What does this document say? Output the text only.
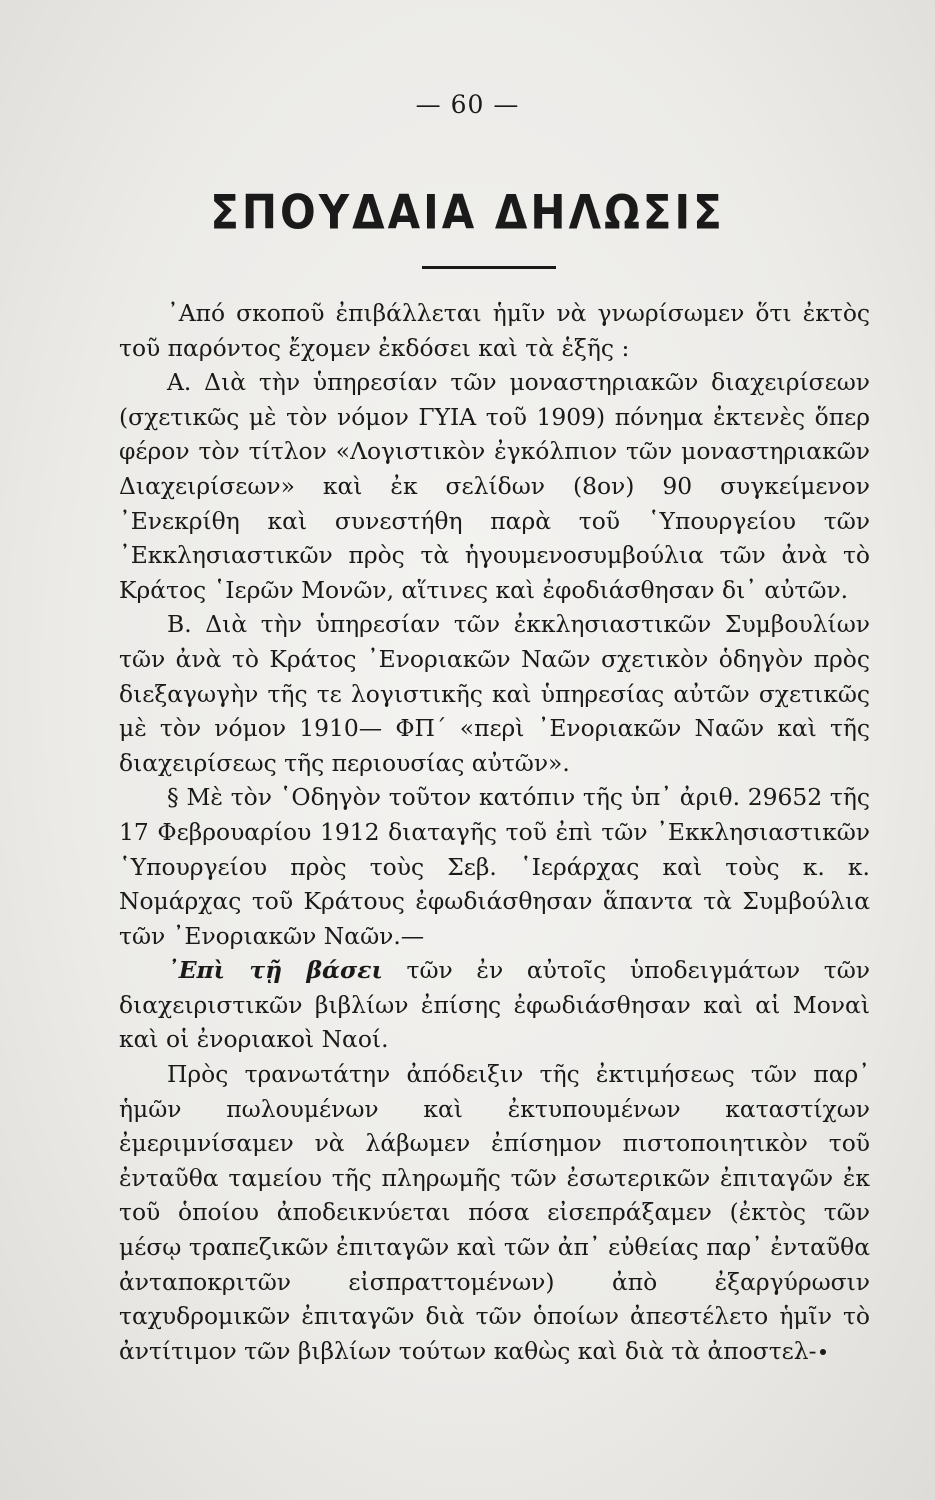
— 60 —
ΣΠΟΥΔΑΙΑ ΔΗΛΩΣΙΣ

᾿Από σκοποῦ ἐπιβάλλεται ἡμῖν νὰ γνωρίσωμεν ὅτι ἐκτὸς τοῦ παρόντος ἔχομεν ἐκδόσει καὶ τὰ ἑξῆς :

Α. Διὰ τὴν ὑπηρεσίαν τῶν μοναστηριακῶν διαχειρίσεων (σχετικῶς μὲ τὸν νόμον ΓΥΙΑ τοῦ 1909) πόνημα ἐκτενὲς ὅπερ φέρον τὸν τίτλον «Λογιστικὸν ἐγκόλπιον τῶν μοναστηριακῶν Διαχειρίσεων» καὶ ἐκ σελίδων (8ον) 90 συγκείμενον ᾿Ενεκρίθη καὶ συνεστήθη παρὰ τοῦ ῾Υπουργείου τῶν ᾿Εκκλησιαστικῶν πρὸς τὰ ἡγουμενοσυμβούλια τῶν ἀνὰ τὸ Κράτος ῾Ιερῶν Μονῶν, αἵτινες καὶ ἐφοδιάσθησαν δι᾿ αὐτῶν.

Β. Διὰ τὴν ὑπηρεσίαν τῶν ἐκκλησιαστικῶν Συμβουλίων τῶν ἀνὰ τὸ Κράτος ᾿Ενοριακῶν Ναῶν σχετικὸν ὁδηγὸν πρὸς διεξαγωγὴν τῆς τε λογιστικῆς καὶ ὑπηρεσίας αὐτῶν σχετικῶς μὲ τὸν νόμον 1910— ΦΠ΄ «περὶ ᾿Ενοριακῶν Ναῶν καὶ τῆς διαχειρίσεως τῆς περιουσίας αὐτῶν».

§ Μὲ τὸν ῾Οδηγὸν τοῦτον κατόπιν τῆς ὑπ᾿ ἀριθ. 29652 τῆς 17 Φεβρουαρίου 1912 διαταγῆς τοῦ ἐπὶ τῶν ᾿Εκκλησιαστικῶν ῾Υπουργείου πρὸς τοὺς Σεβ. ῾Ιεράρχας καὶ τοὺς κ. κ. Νομάρχας τοῦ Κράτους ἐφωδιάσθησαν ἅπαντα τὰ Συμβούλια τῶν ᾿Ενοριακῶν Ναῶν.—

᾿Επὶ τῇ βάσει τῶν ἐν αὐτοῖς ὑποδειγμάτων τῶν διαχειριστικῶν βιβλίων ἐπίσης ἐφωδιάσθησαν καὶ αἱ Μοναὶ καὶ οἱ ἐνοριακοὶ Ναοί.

Πρὸς τρανωτάτην ἀπόδειξιν τῆς ἐκτιμήσεως τῶν παρ᾿ ἡμῶν πωλουμένων καὶ ἐκτυπουμένων καταστίχων ἐμεριμνίσαμεν νὰ λάβωμεν ἐπίσημον πιστοποιητικὸν τοῦ ἐνταῦθα ταμείου τῆς πληρωμῆς τῶν ἐσωτερικῶν ἐπιταγῶν ἐκ τοῦ ὁποίου ἀποδεικνύεται πόσα εἰσεπράξαμεν (ἐκτὸς τῶν μέσῳ τραπεζικῶν ἐπιταγῶν καὶ τῶν ἀπ᾿ εὐθείας παρ᾿ ἐνταῦθα ἀνταποκριτῶν εἰσπραττομένων) ἀπὸ ἐξαργύρωσιν ταχυδρομικῶν ἐπιταγῶν διὰ τῶν ὁποίων ἀπεστέλετο ἡμῖν τὸ ἀντίτιμον τῶν βιβλίων τούτων καθὼς καὶ διὰ τὰ ἀποστελ-
